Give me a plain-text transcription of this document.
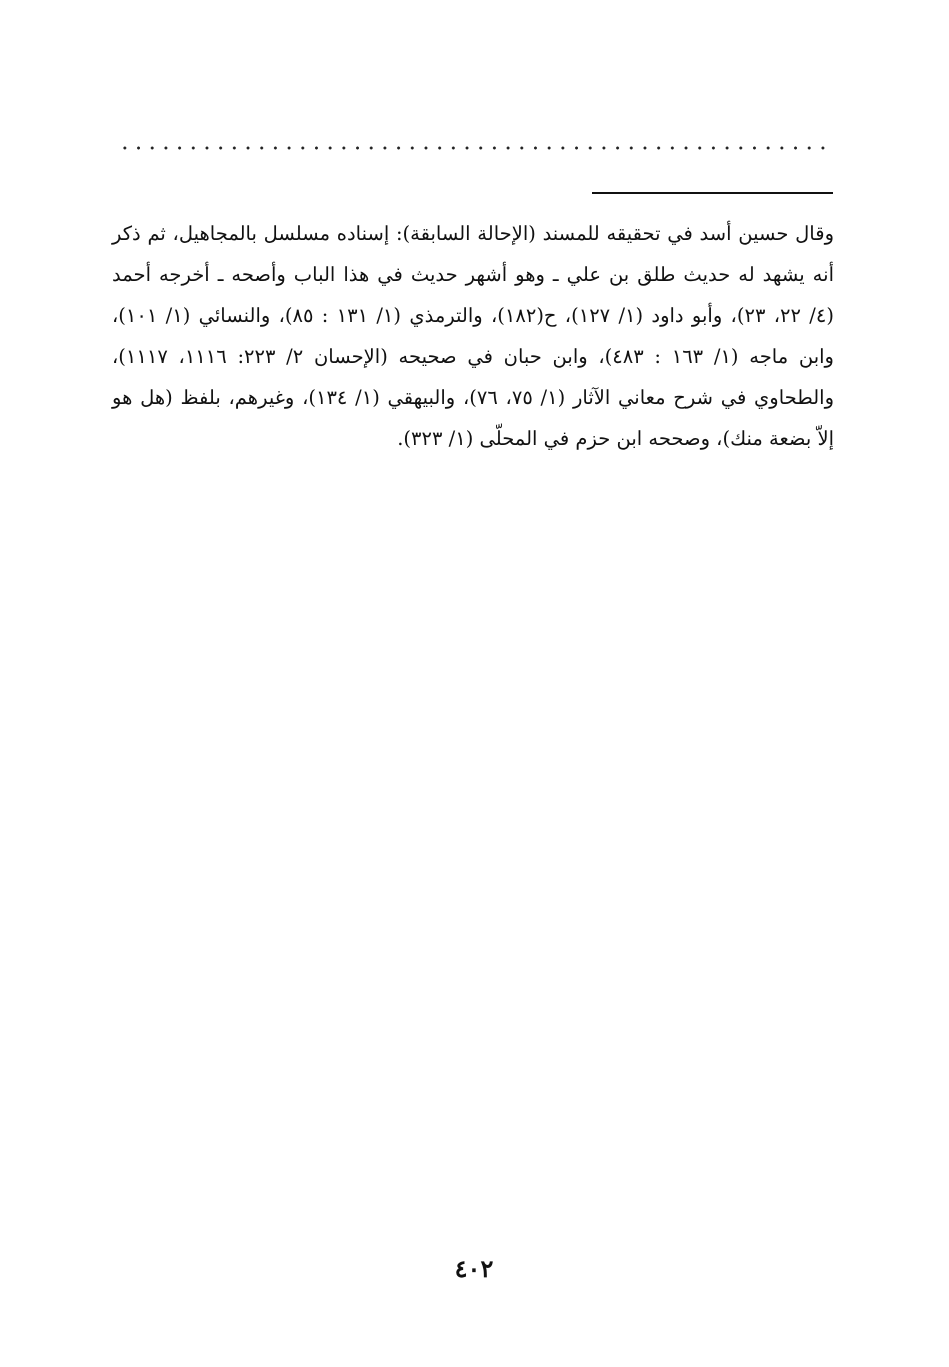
وقال حسين أسد في تحقيقه للمسند (الإحالة السابقة): إسناده مسلسل بالمجاهيل، ثم ذكر أنه يشهد له حديث طلق بن علي ـ وهو أشهر حديث في هذا الباب وأصحه ـ أخرجه أحمد (٤/ ٢٢، ٢٣)، وأبو داود (١/ ١٢٧)، ح(١٨٢)، والترمذي (١/ ١٣١ : ٨٥)، والنسائي (١/ ١٠١)، وابن ماجه (١/ ١٦٣ : ٤٨٣)، وابن حبان في صحيحه (الإحسان ٢/ ٢٢٣: ١١١٦، ١١١٧)، والطحاوي في شرح معاني الآثار (١/ ٧٥، ٧٦)، والبيهقي (١/ ١٣٤)، وغيرهم، بلفظ (هل هو إلاّ بضعة منك)، وصححه ابن حزم في المحلّى (١/ ٣٢٣).

٤٠٢
